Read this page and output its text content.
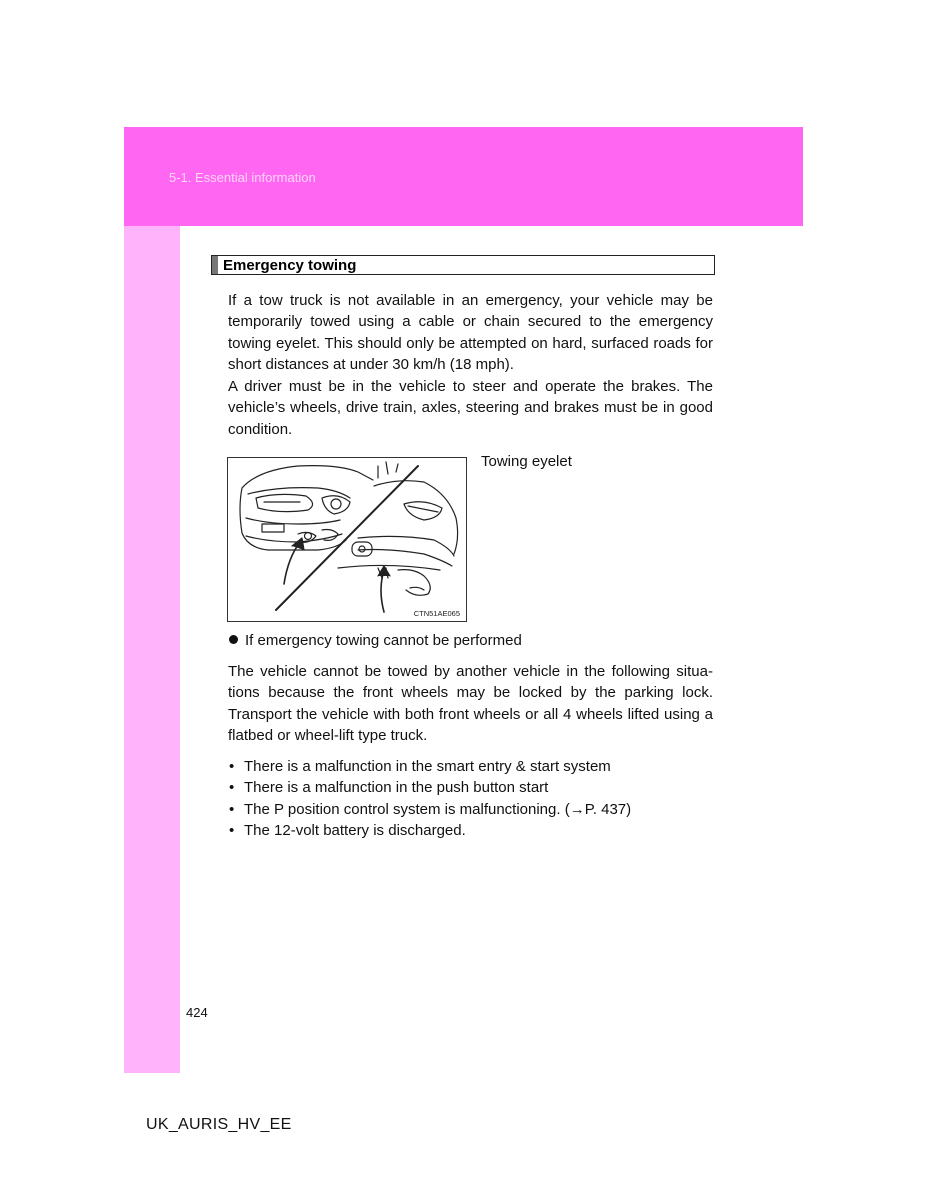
5-1. Essential information
Emergency towing

If a tow truck is not available in an emergency, your vehicle may be temporarily towed using a cable or chain secured to the emergency towing eyelet. This should only be attempted on hard, surfaced roads for short distances at under 30 km/h (18 mph).

A driver must be in the vehicle to steer and operate the brakes. The vehicle’s wheels, drive train, axles, steering and brakes must be in good condition.

CTN51AE065
Towing eyelet
If emergency towing cannot be performed

The vehicle cannot be towed by another vehicle in the following situa-tions because the front wheels may be locked by the parking lock. Transport the vehicle with both front wheels or all 4 wheels lifted using a flatbed or wheel-lift type truck.

• There is a malfunction in the smart entry & start system
• There is a malfunction in the push button start
• The P position control system is malfunctioning. (→P. 437)
• The 12-volt battery is discharged.
424
UK_AURIS_HV_EE
